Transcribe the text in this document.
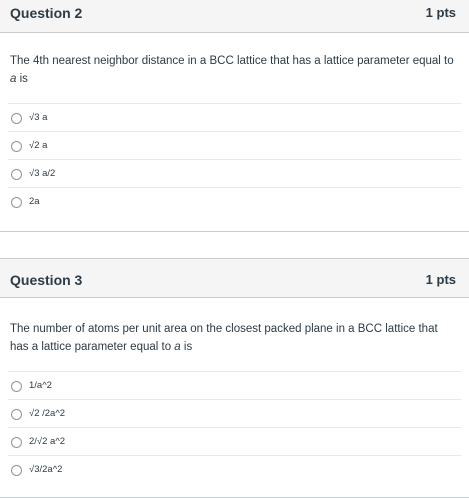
Question 2	1 pts
The 4th nearest neighbor distance in a BCC lattice that has a lattice parameter equal to a is
√3 a
√2 a
√3 a/2
2a
Question 3	1 pts
The number of atoms per unit area on the closest packed plane in a BCC lattice that has a lattice parameter equal to a is
1/a^2
√2 /2a^2
2/√2 a^2
√3/2a^2
